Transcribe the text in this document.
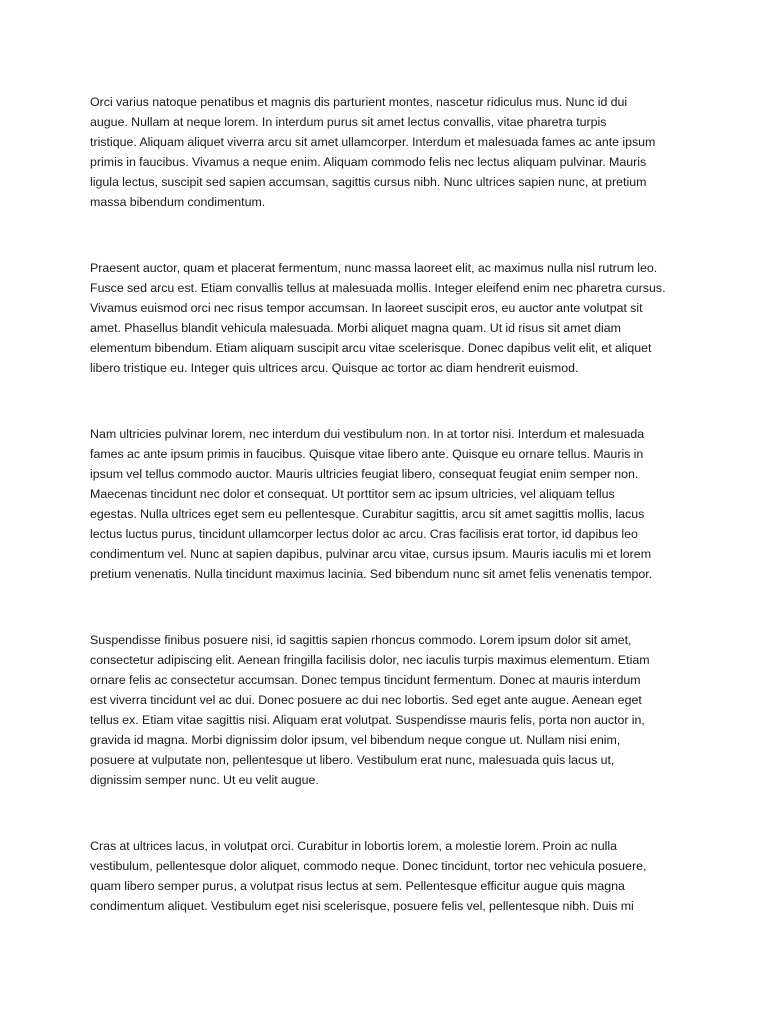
Orci varius natoque penatibus et magnis dis parturient montes, nascetur ridiculus mus. Nunc id dui
augue. Nullam at neque lorem. In interdum purus sit amet lectus convallis, vitae pharetra turpis
tristique. Aliquam aliquet viverra arcu sit amet ullamcorper. Interdum et malesuada fames ac ante ipsum
primis in faucibus. Vivamus a neque enim. Aliquam commodo felis nec lectus aliquam pulvinar. Mauris
ligula lectus, suscipit sed sapien accumsan, sagittis cursus nibh. Nunc ultrices sapien nunc, at pretium
massa bibendum condimentum.

Praesent auctor, quam et placerat fermentum, nunc massa laoreet elit, ac maximus nulla nisl rutrum leo.
Fusce sed arcu est. Etiam convallis tellus at malesuada mollis. Integer eleifend enim nec pharetra cursus.
Vivamus euismod orci nec risus tempor accumsan. In laoreet suscipit eros, eu auctor ante volutpat sit
amet. Phasellus blandit vehicula malesuada. Morbi aliquet magna quam. Ut id risus sit amet diam
elementum bibendum. Etiam aliquam suscipit arcu vitae scelerisque. Donec dapibus velit elit, et aliquet
libero tristique eu. Integer quis ultrices arcu. Quisque ac tortor ac diam hendrerit euismod.

Nam ultricies pulvinar lorem, nec interdum dui vestibulum non. In at tortor nisi. Interdum et malesuada
fames ac ante ipsum primis in faucibus. Quisque vitae libero ante. Quisque eu ornare tellus. Mauris in
ipsum vel tellus commodo auctor. Mauris ultricies feugiat libero, consequat feugiat enim semper non.
Maecenas tincidunt nec dolor et consequat. Ut porttitor sem ac ipsum ultricies, vel aliquam tellus
egestas. Nulla ultrices eget sem eu pellentesque. Curabitur sagittis, arcu sit amet sagittis mollis, lacus
lectus luctus purus, tincidunt ullamcorper lectus dolor ac arcu. Cras facilisis erat tortor, id dapibus leo
condimentum vel. Nunc at sapien dapibus, pulvinar arcu vitae, cursus ipsum. Mauris iaculis mi et lorem
pretium venenatis. Nulla tincidunt maximus lacinia. Sed bibendum nunc sit amet felis venenatis tempor.

Suspendisse finibus posuere nisi, id sagittis sapien rhoncus commodo. Lorem ipsum dolor sit amet,
consectetur adipiscing elit. Aenean fringilla facilisis dolor, nec iaculis turpis maximus elementum. Etiam
ornare felis ac consectetur accumsan. Donec tempus tincidunt fermentum. Donec at mauris interdum
est viverra tincidunt vel ac dui. Donec posuere ac dui nec lobortis. Sed eget ante augue. Aenean eget
tellus ex. Etiam vitae sagittis nisi. Aliquam erat volutpat. Suspendisse mauris felis, porta non auctor in,
gravida id magna. Morbi dignissim dolor ipsum, vel bibendum neque congue ut. Nullam nisi enim,
posuere at vulputate non, pellentesque ut libero. Vestibulum erat nunc, malesuada quis lacus ut,
dignissim semper nunc. Ut eu velit augue.

Cras at ultrices lacus, in volutpat orci. Curabitur in lobortis lorem, a molestie lorem. Proin ac nulla
vestibulum, pellentesque dolor aliquet, commodo neque. Donec tincidunt, tortor nec vehicula posuere,
quam libero semper purus, a volutpat risus lectus at sem. Pellentesque efficitur augue quis magna
condimentum aliquet. Vestibulum eget nisi scelerisque, posuere felis vel, pellentesque nibh. Duis mi
